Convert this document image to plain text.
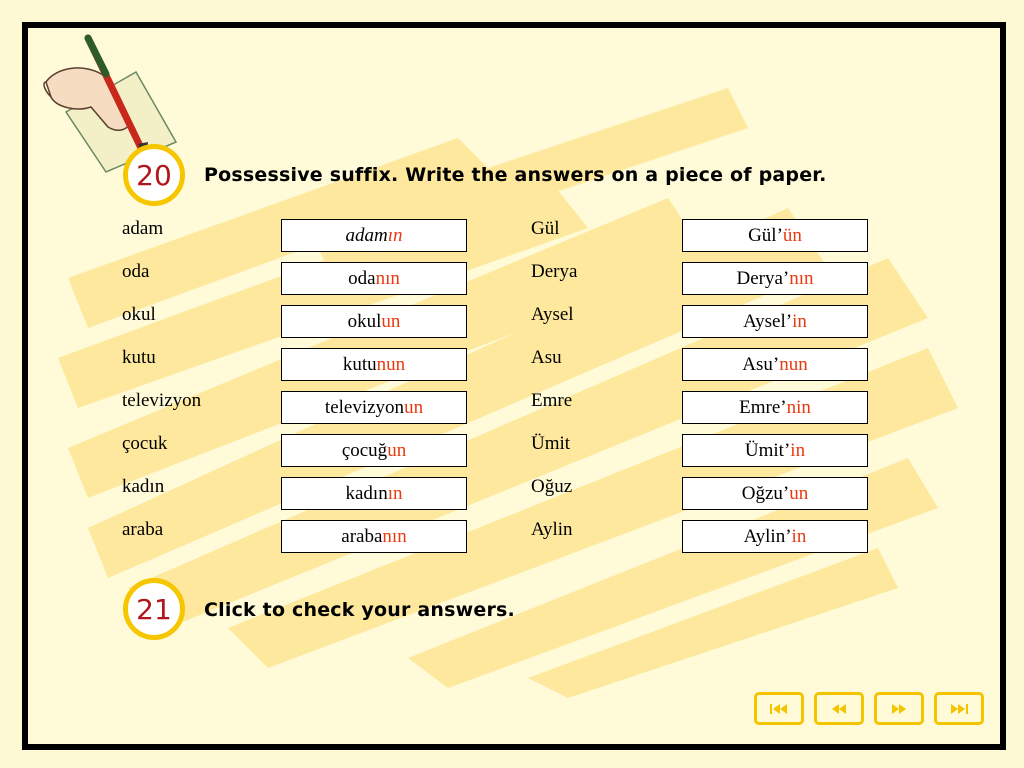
20	Possessive suffix. Write the answers on a piece of paper.
adam	adam ın
oda	oda nın
okul	okul un
kutu	kutu nun
televizyon	televizyon un
çocuk	çocuğ un
kadın	kadın ın
araba	araba nın
Gül	Gül’ ün
Derya	Derya’ nın
Aysel	Aysel’ in
Asu	Asu’ nun
Emre	Emre’ nin
Ümit	Ümit’ in
Oğuz	Oğzu’ un
Aylin	Aylin’ in
21	Click to check your answers.
